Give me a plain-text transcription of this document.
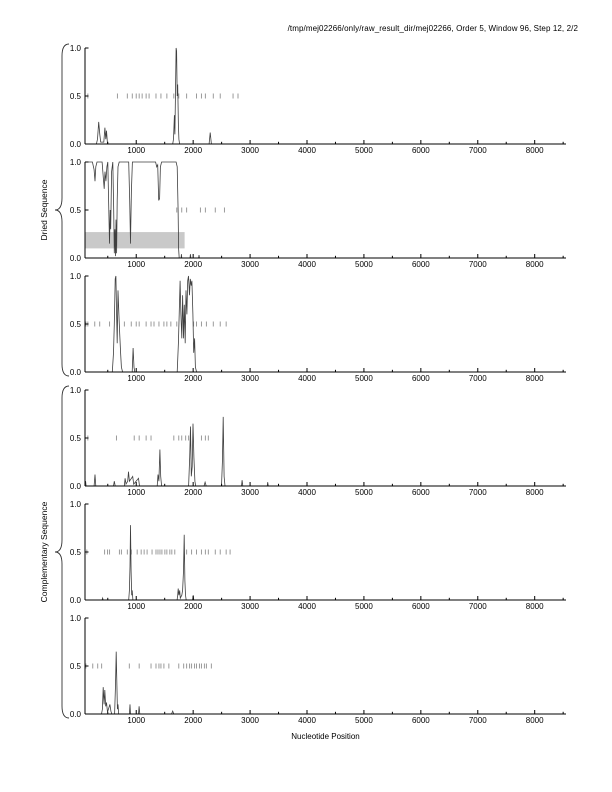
/tmp/mej02266/only/raw_result_dir/mej02266, Order 5, Window 96, Step 12, 2/2
Dried Sequence
Complementary Sequence
1000	2000	3000	4000	5000	6000	7000	8000
1.0
0.5
0.0
1000	2000	3000	4000	5000	6000	7000	8000
1.0
0.5
0.0
1000	2000	3000	4000	5000	6000	7000	8000
1.0
0.5
0.0
1000	2000	3000	4000	5000	6000	7000	8000
1.0
0.5
0.0
1000	2000	3000	4000	5000	6000	7000	8000
1.0
0.5
0.0
1000	2000	3000	4000	5000	6000	7000	8000
1.0
0.5
0.0
Nucleotide Position
